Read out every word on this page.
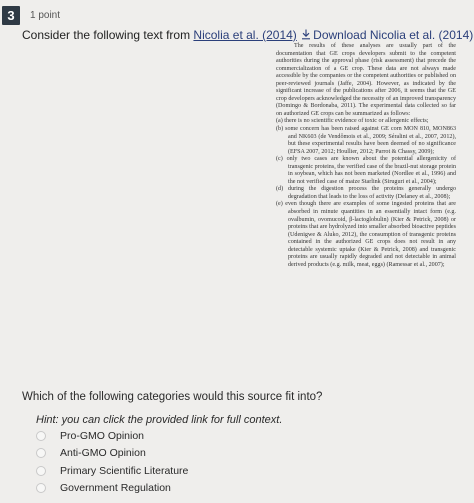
3	1 point
Consider the following text from Nicolia et al. (2014) Download Nicolia et al. (2014)

The results of these analyses are usually part of the documentation that GE crops developers submit to the competent authorities during the approval phase (risk assessment) that precede the commercialization of a GE crop. These data are not always made accessible by the companies or the competent authorities or published on peer-reviewed journals (Jaffe, 2004). However, as indicated by the significant increase of the publications after 2006, it seems that the GE crop developers acknowledged the necessity of an improved transparency (Domingo & Bordonaba, 2011). The experimental data collected so far on authorized GE crops can be summarized as follows:

(a) there is no scientific evidence of toxic or allergenic effects;
(b) some concern has been raised against GE corn MON 810, MON863 and NK603 (de Vendômois et al., 2009; Séralini et al., 2007, 2012), but these experimental results have been deemed of no significance (EFSA 2007, 2012; Houllier, 2012; Parrot & Chassy, 2009);
(c) only two cases are known about the potential allergenicity of transgenic proteins, the verified case of the brazil-nut storage protein in soybean, which has not been marketed (Nordlee et al., 1996) and the not verified case of maize Starlink (Siruguri et al., 2004);
(d) during the digestion process the proteins generally undergo degradation that leads to the loss of activity (Delaney et al., 2008);
(e) even though there are examples of some ingested proteins that are absorbed in minute quantities in an essentially intact form (e.g. ovalbumin, ovomucoid, β-lactoglobulin) (Kier & Petrick, 2008) or proteins that are hydrolyzed into smaller absorbed bioactive peptides (Udenigwe & Aluko, 2012), the consumption of transgenic proteins contained in the authorized GE crops does not result in any detectable systemic uptake (Kier & Petrick, 2008) and transgenic proteins are usually rapidly degraded and not detectable in animal derived products (e.g. milk, meat, eggs) (Ramessar et al., 2007);
Which of the following categories would this source fit into?
Hint: you can click the provided link for full context.
Pro-GMO Opinion
Anti-GMO Opinion
Primary Scientific Literature
Government Regulation
